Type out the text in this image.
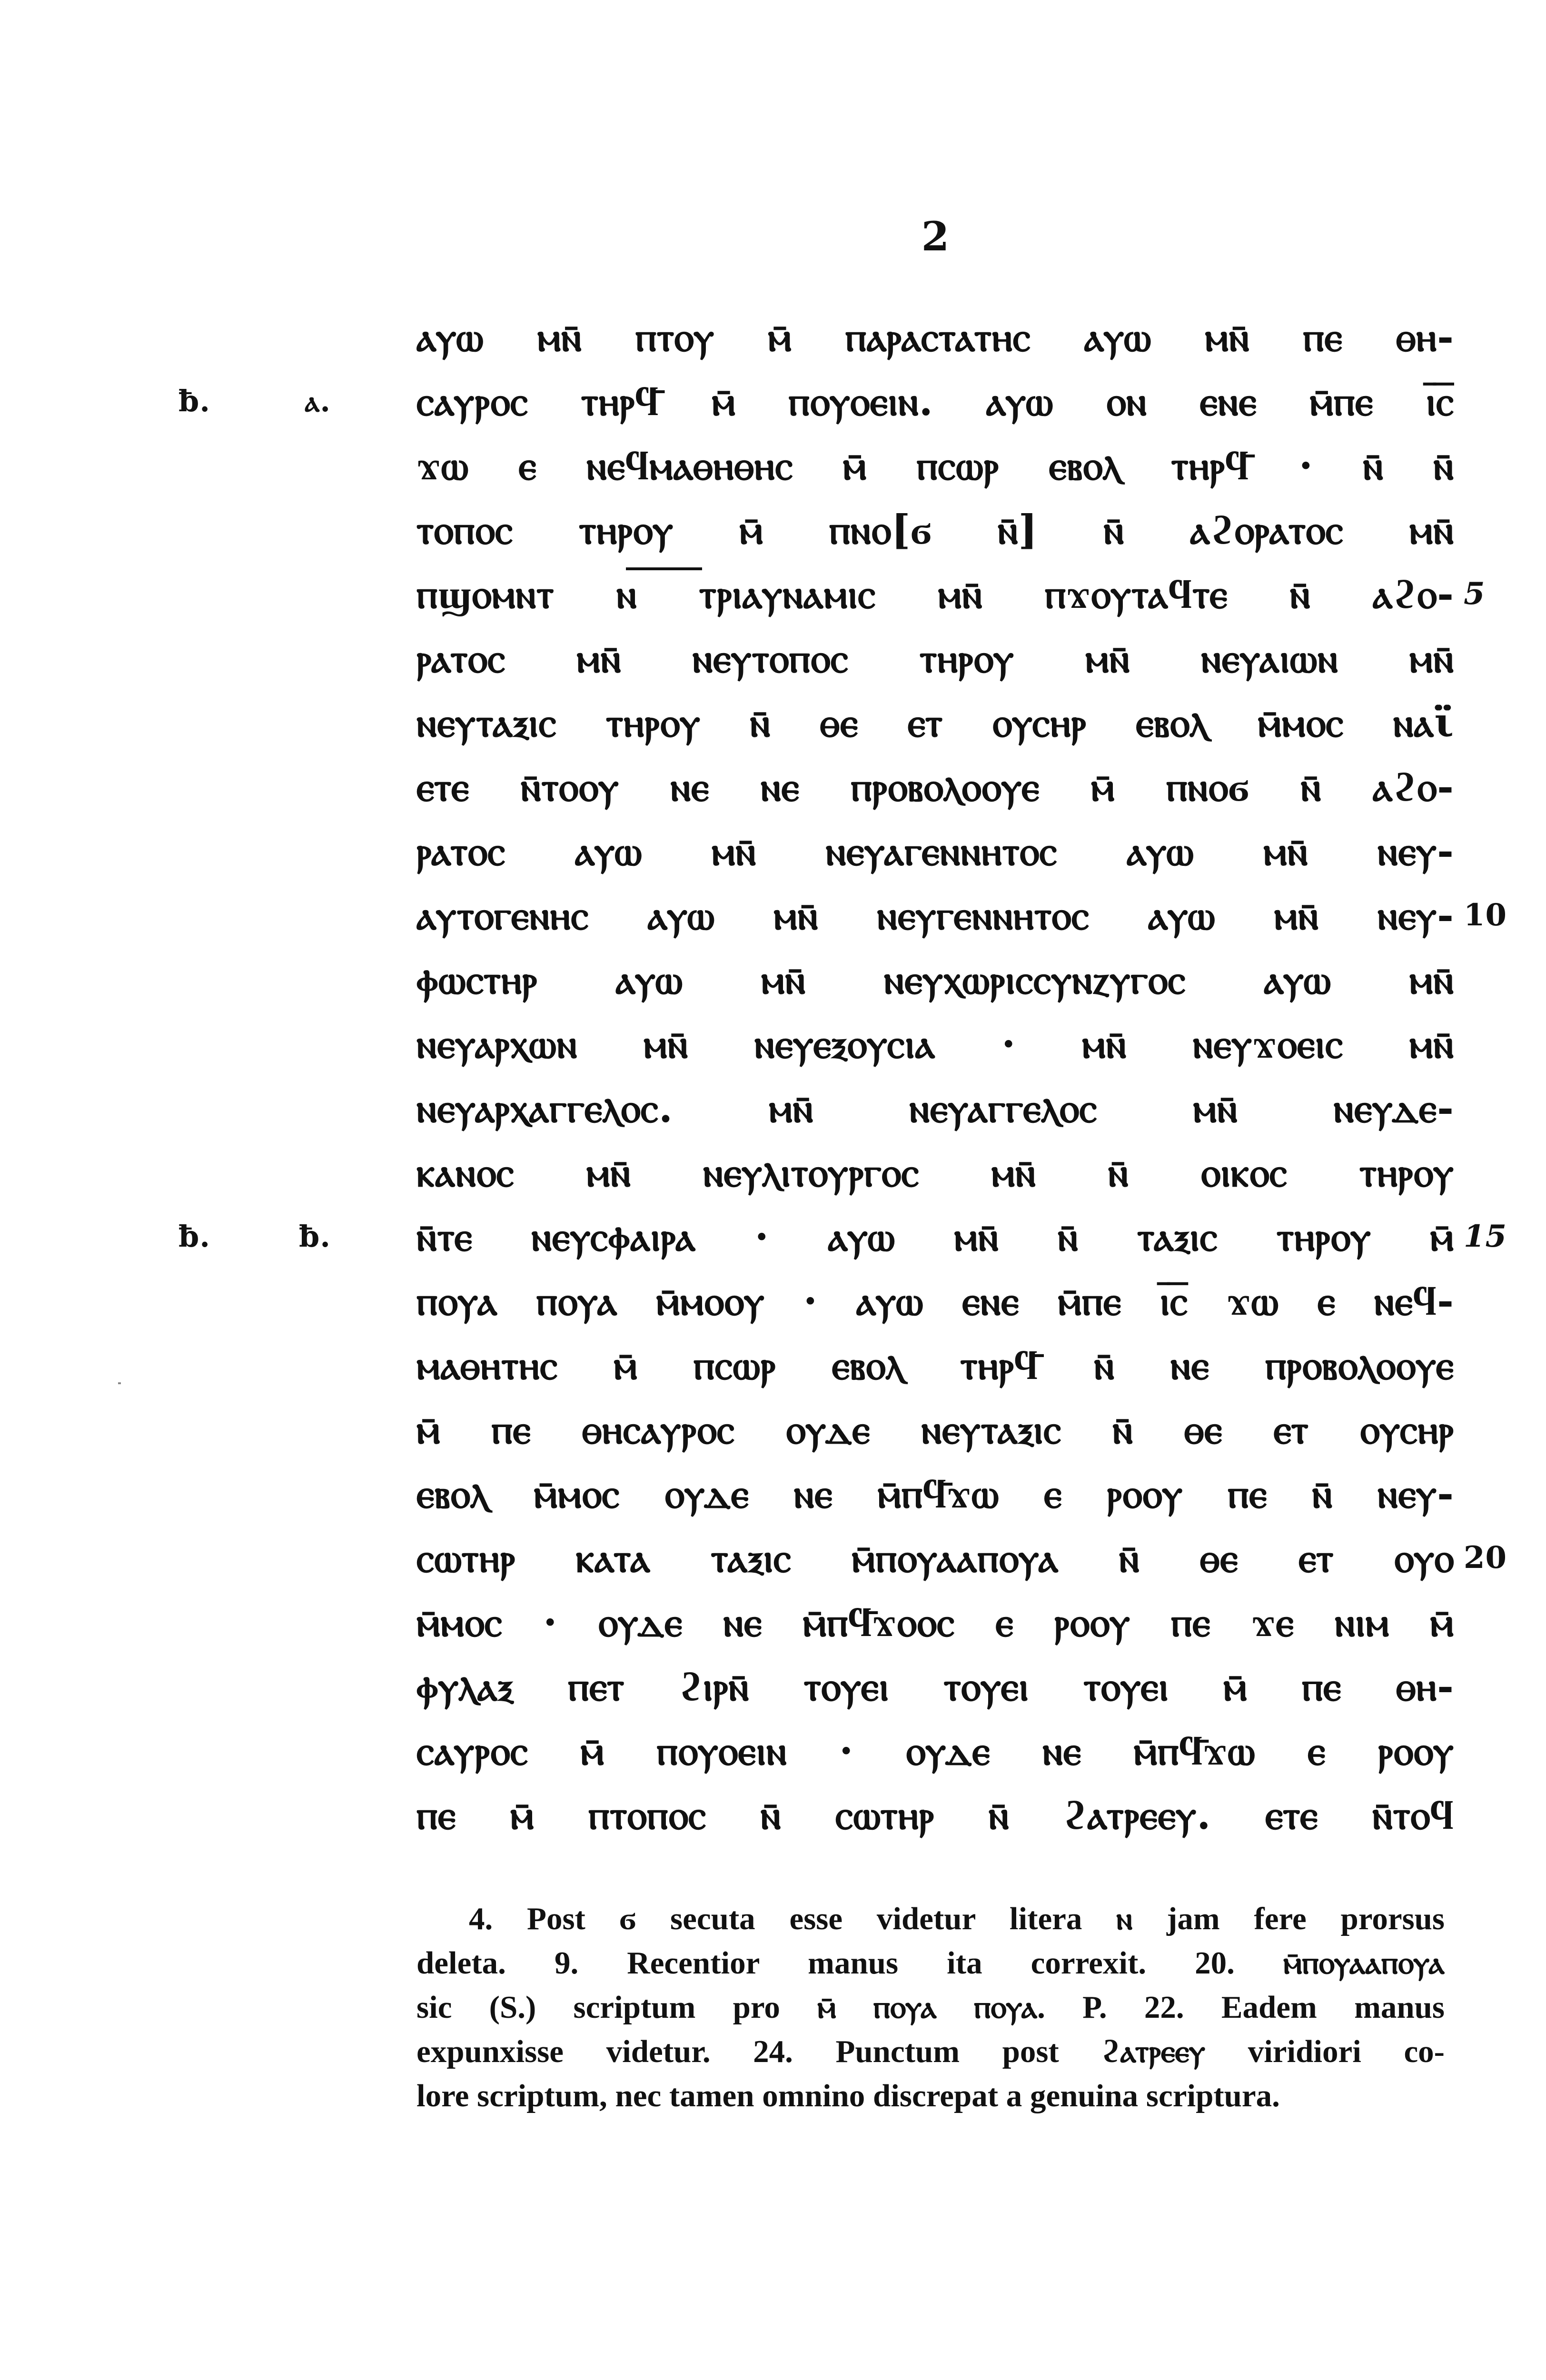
2
ⲁⲩⲱ ⲙⲛ̄ ⲡⲧⲟⲩ ⲙ̄ ⲡⲁⲣⲁⲥⲧⲁⲧⲏⲥ ⲁⲩⲱ ⲙⲛ̄ ⲡⲉ ⲑⲏ-
ⲥⲁⲩⲣⲟⲥ ⲧⲏⲣϥ̄ ⲙ̄ ⲡⲟⲩⲟⲉⲓⲛ. ⲁⲩⲱ ⲟⲛ ⲉⲛⲉ ⲙ̄ⲡⲉ ⲓ̅ⲥ̅
ƀ. ⲁ.
ϫⲱ ⲉ ⲛⲉϥⲙⲁⲑⲏⲑⲏⲥ ⲙ̄ ⲡⲥⲱⲣ ⲉⲃⲟⲗ ⲧⲏⲣϥ̄ · ⲛ̄ ⲛ̄
ⲧⲟⲡⲟⲥ ⲧⲏⲣⲟⲩ ⲙ̄ ⲡⲛⲟ[ϭ ⲛ̄] ⲛ̄ ⲁϩⲟⲣⲁⲧⲟⲥ ⲙⲛ̄
ⲡϣⲟⲙⲛⲧ ⲛ ⲧⲣⲓⲁⲩⲛⲁⲙⲓⲥ ⲙⲛ̄ ⲡϫⲟⲩⲧⲁϥⲧⲉ ⲛ̄ ⲁϩⲟ- 5
ⲣⲁⲧⲟⲥ ⲙⲛ̄ ⲛⲉⲩⲧⲟⲡⲟⲥ ⲧⲏⲣⲟⲩ ⲙⲛ̄ ⲛⲉⲩⲁⲓⲱⲛ ⲙⲛ̄
ⲛⲉⲩⲧⲁⲝⲓⲥ ⲧⲏⲣⲟⲩ ⲛ̄ ⲑⲉ ⲉⲧ ⲟⲩⲥⲏⲣ ⲉⲃⲟⲗ ⲙ̄ⲙⲟⲥ ⲛⲁϊ̈
ⲉⲧⲉ ⲛ̄ⲧⲟⲟⲩ ⲛⲉ ⲛⲉ ⲡⲣⲟⲃⲟⲗⲟⲟⲩⲉ ⲙ̄ ⲡⲛⲟϭ ⲛ̄ ⲁϩⲟ-
ⲣⲁⲧⲟⲥ ⲁⲩⲱ ⲙⲛ̄ ⲛⲉⲩⲁⲅⲉⲛⲛⲏⲧⲟⲥ ⲁⲩⲱ ⲙⲛ̄ ⲛⲉⲩ-
ⲁⲩⲧⲟⲅⲉⲛⲏⲥ ⲁⲩⲱ ⲙⲛ̄ ⲛⲉⲩⲅⲉⲛⲛⲏⲧⲟⲥ ⲁⲩⲱ ⲙⲛ̄ ⲛⲉⲩ- 10
ⲫⲱⲥⲧⲏⲣ ⲁⲩⲱ ⲙⲛ̄ ⲛⲉⲩⲭⲱⲣⲓⲥⲥⲩⲛⲍⲩⲅⲟⲥ ⲁⲩⲱ ⲙⲛ̄
ⲛⲉⲩⲁⲣⲭⲱⲛ ⲙⲛ̄ ⲛⲉⲩⲉⲝⲟⲩⲥⲓⲁ · ⲙⲛ̄ ⲛⲉⲩϫⲟⲉⲓⲥ ⲙⲛ̄
ⲛⲉⲩⲁⲣⲭⲁⲅⲅⲉⲗⲟⲥ. ⲙⲛ̄ ⲛⲉⲩⲁⲅⲅⲉⲗⲟⲥ ⲙⲛ̄ ⲛⲉⲩⲇⲉ-
ⲕⲁⲛⲟⲥ ⲙⲛ̄ ⲛⲉⲩⲗⲓⲧⲟⲩⲣⲅⲟⲥ ⲙⲛ̄ ⲛ̄ ⲟⲓⲕⲟⲥ ⲧⲏⲣⲟⲩ
ⲛ̄ⲧⲉ ⲛⲉⲩⲥⲫⲁⲓⲣⲁ · ⲁⲩⲱ ⲙⲛ̄ ⲛ̄ ⲧⲁⲝⲓⲥ ⲧⲏⲣⲟⲩ ⲙ̄
ƀ. ƀ.	15
ⲡⲟⲩⲁ ⲡⲟⲩⲁ ⲙ̄ⲙⲟⲟⲩ · ⲁⲩⲱ ⲉⲛⲉ ⲙ̄ⲡⲉ ⲓ̅ⲥ̅ ϫⲱ ⲉ ⲛⲉϥ-
ⲙⲁⲑⲏⲧⲏⲥ ⲙ̄ ⲡⲥⲱⲣ ⲉⲃⲟⲗ ⲧⲏⲣϥ̄ ⲛ̄ ⲛⲉ ⲡⲣⲟⲃⲟⲗⲟⲟⲩⲉ
ⲙ̄ ⲡⲉ ⲑⲏⲥⲁⲩⲣⲟⲥ ⲟⲩⲇⲉ ⲛⲉⲩⲧⲁⲝⲓⲥ ⲛ̄ ⲑⲉ ⲉⲧ ⲟⲩⲥⲏⲣ
ⲉⲃⲟⲗ ⲙ̄ⲙⲟⲥ ⲟⲩⲇⲉ ⲛⲉ ⲙ̄ⲡϥ̄ϫⲱ ⲉ ⲣⲟⲟⲩ ⲡⲉ ⲛ̄ ⲛⲉⲩ-
ⲥⲱⲧⲏⲣ ⲕⲁⲧⲁ ⲧⲁⲝⲓⲥ ⲙ̄ⲡⲟⲩⲁⲁⲡⲟⲩⲁ ⲛ̄ ⲑⲉ ⲉⲧ ⲟⲩⲟ 20
ⲙ̄ⲙⲟⲥ · ⲟⲩⲇⲉ ⲛⲉ ⲙ̄ⲡϥ̄ϫⲟⲟⲥ ⲉ ⲣⲟⲟⲩ ⲡⲉ ϫⲉ ⲛⲓⲙ ⲙ̄
ⲫⲩⲗⲁⲝ ⲡⲉⲧ ϩⲓⲣⲛ̄ ⲧⲟⲩⲉⲓ ⲧⲟⲩⲉⲓ ⲧⲟⲩⲉⲓ ⲙ̄ ⲡⲉ ⲑⲏ-
ⲥⲁⲩⲣⲟⲥ ⲙ̄ ⲡⲟⲩⲟⲉⲓⲛ · ⲟⲩⲇⲉ ⲛⲉ ⲙ̄ⲡϥ̄ϫⲱ ⲉ ⲣⲟⲟⲩ
ⲡⲉ ⲙ̄ ⲡⲧⲟⲡⲟⲥ ⲛ̄ ⲥⲱⲧⲏⲣ ⲛ̄ ϩⲁⲧⲣⲉⲉⲩ. ⲉⲧⲉ ⲛ̄ⲧⲟϥ
4. Post ϭ secuta esse videtur litera ⲛ jam fere prorsus
deleta. 9. Recentior manus ita correxit. 20. ⲙ̄ⲡⲟⲩⲁⲁⲡⲟⲩⲁ
sic (S.) scriptum pro ⲙ̄ ⲡⲟⲩⲁ ⲡⲟⲩⲁ. P. 22. Eadem manus
expunxisse videtur. 24. Punctum post ϩⲁⲧⲣⲉⲉⲩ viridiori co-
lore scriptum, nec tamen omnino discrepat a genuina scriptura.
